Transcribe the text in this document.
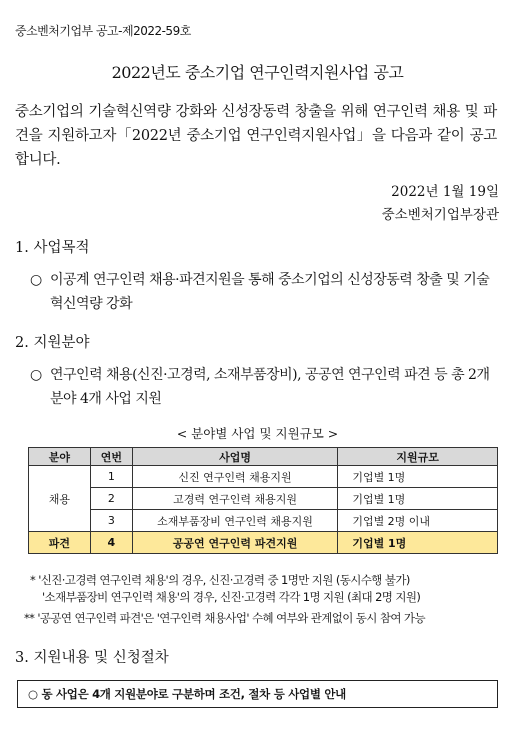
중소벤처기업부 공고-제2022-59호
2022년도 중소기업 연구인력지원사업 공고
중소기업의 기술혁신역량 강화와 신성장동력 창출을 위해 연구인력 채용 및 파견을 지원하고자「2022년 중소기업 연구인력지원사업」을 다음과 같이 공고합니다.
2022년 1월 19일
중소벤처기업부장관
1. 사업목적
○ 이공계 연구인력 채용·파견지원을 통해 중소기업의 신성장동력 창출 및 기술혁신역량 강화
2. 지원분야
○ 연구인력 채용(신진·고경력, 소재부품장비), 공공연 연구인력 파견 등 총 2개 분야 4개 사업 지원
< 분야별 사업 및 지원규모 >
분야	연번	사업명	지원규모
채용	1	신진 연구인력 채용지원	기업별 1명
	2	고경력 연구인력 채용지원	기업별 1명
	3	소재부품장비 연구인력 채용지원	기업별 2명 이내
파견	4	공공연 연구인력 파견지원	기업별 1명
* '신진·고경력 연구인력 채용'의 경우, 신진·고경력 중 1명만 지원 (동시수행 불가)
'소재부품장비 연구인력 채용'의 경우, 신진·고경력 각각 1명 지원 (최대 2명 지원)
** '공공연 연구인력 파견'은 '연구인력 채용사업' 수혜 여부와 관계없이 동시 참여 가능
3. 지원내용 및 신청절차
○ 동 사업은 4개 지원분야로 구분하며 조건, 절차 등 사업별 안내
